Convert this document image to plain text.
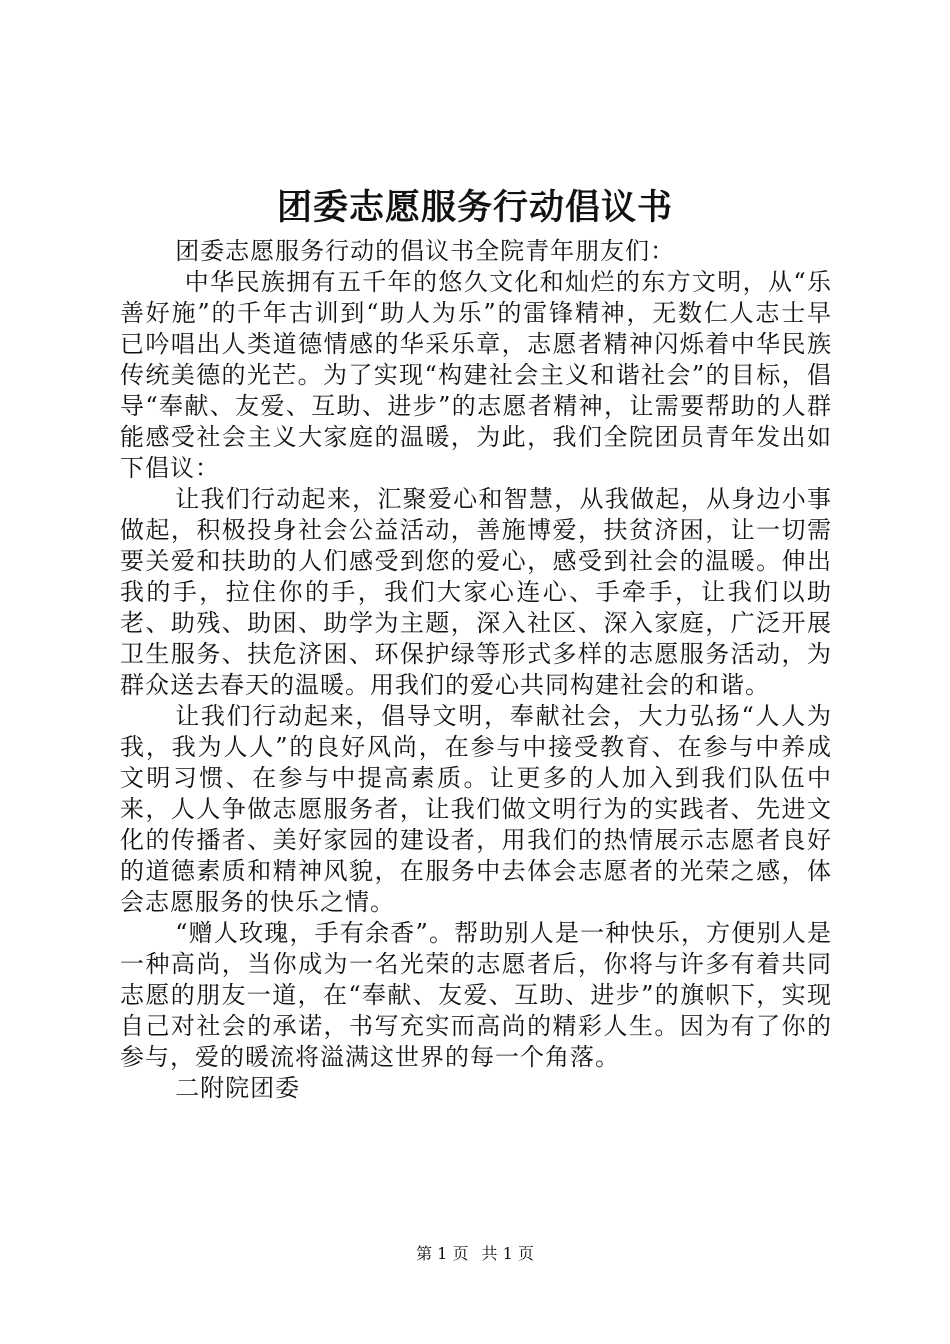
团委志愿服务行动倡议书

团委志愿服务行动的倡议书全院青年朋友们：

中华民族拥有五千年的悠久文化和灿烂的东方文明，从“乐善好施”的千年古训到“助人为乐”的雷锋精神，无数仁人志士早已吟唱出人类道德情感的华采乐章，志愿者精神闪烁着中华民族传统美德的光芒。为了实现“构建社会主义和谐社会”的目标，倡导“奉献、友爱、互助、进步”的志愿者精神，让需要帮助的人群能感受社会主义大家庭的温暖，为此，我们全院团员青年发出如下倡议：

让我们行动起来，汇聚爱心和智慧，从我做起，从身边小事做起，积极投身社会公益活动，善施博爱，扶贫济困，让一切需要关爱和扶助的人们感受到您的爱心，感受到社会的温暖。伸出我的手，拉住你的手，我们大家心连心、手牵手，让我们以助老、助残、助困、助学为主题，深入社区、深入家庭，广泛开展卫生服务、扶危济困、环保护绿等形式多样的志愿服务活动，为群众送去春天的温暖。用我们的爱心共同构建社会的和谐。

让我们行动起来，倡导文明，奉献社会，大力弘扬“人人为我，我为人人”的良好风尚，在参与中接受教育、在参与中养成文明习惯、在参与中提高素质。让更多的人加入到我们队伍中来，人人争做志愿服务者，让我们做文明行为的实践者、先进文化的传播者、美好家园的建设者，用我们的热情展示志愿者良好的道德素质和精神风貌，在服务中去体会志愿者的光荣之感，体会志愿服务的快乐之情。

“赠人玫瑰，手有余香”。帮助别人是一种快乐，方便别人是一种高尚，当你成为一名光荣的志愿者后，你将与许多有着共同志愿的朋友一道，在“奉献、友爱、互助、进步”的旗帜下，实现自己对社会的承诺，书写充实而高尚的精彩人生。因为有了你的参与，爱的暖流将溢满这世界的每一个角落。

二附院团委

第 1 页 共 1 页
